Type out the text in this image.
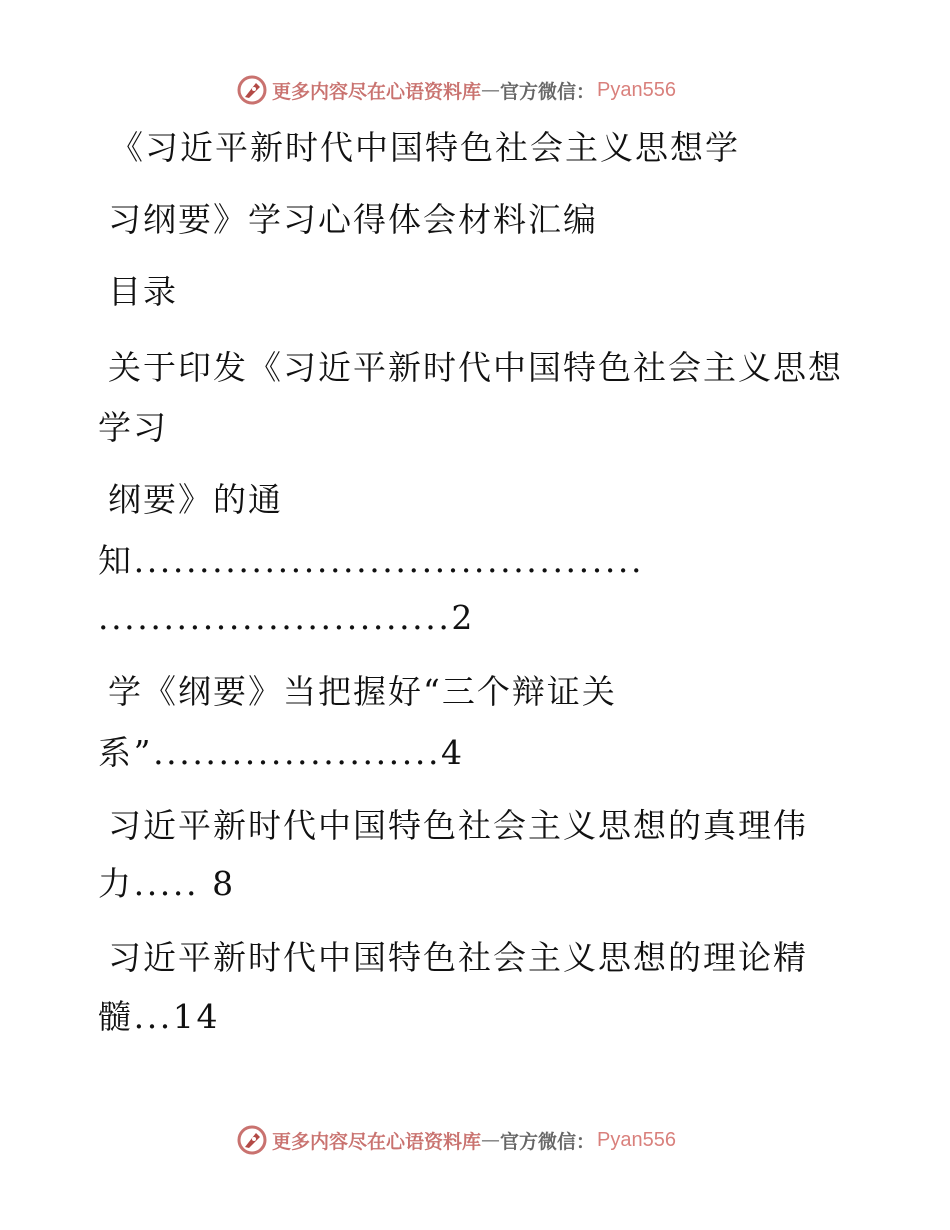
更多内容尽在心语资料库 — 官方微信： Pyan556
《习近平新时代中国特色社会主义思想学
习纲要》学习心得体会材料汇编
目录
关于印发《习近平新时代中国特色社会主义思想
学习
纲要》的通
知.......................................
...........................2
学《纲要》当把握好“三个辩证关
系”......................4
习近平新时代中国特色社会主义思想的真理伟
力..... 8
习近平新时代中国特色社会主义思想的理论精
髓...14
更多内容尽在心语资料库 — 官方微信： Pyan556
